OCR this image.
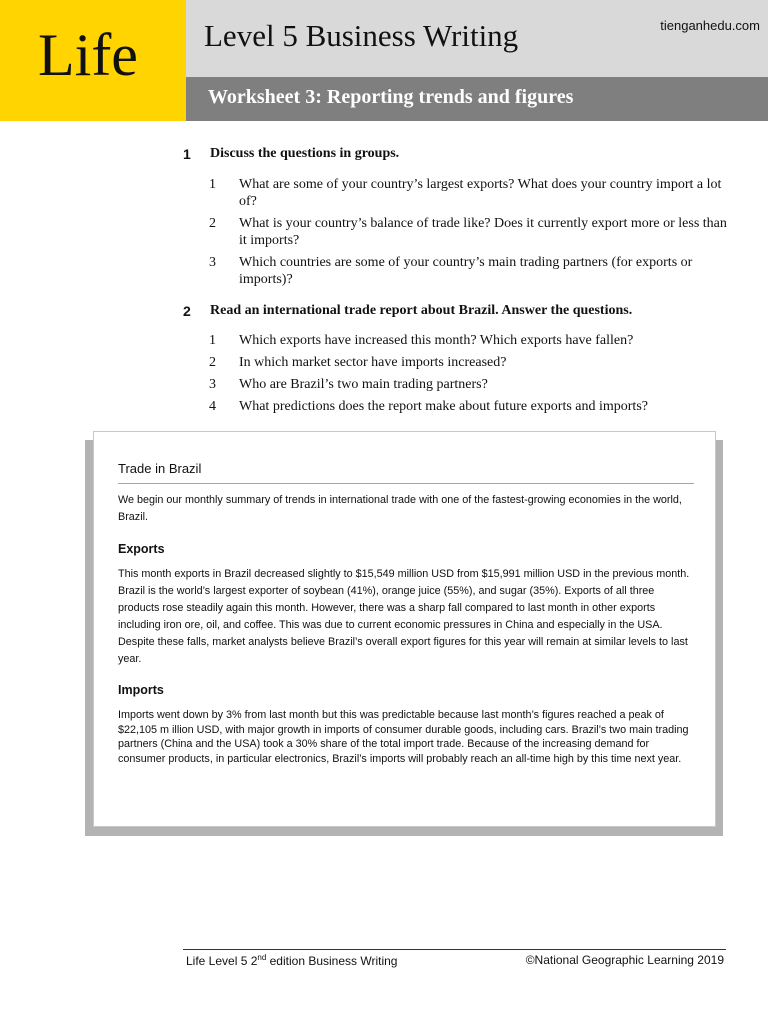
Life Level 5 Business Writing	tienganhedu.com
Worksheet 3: Reporting trends and figures
1 Discuss the questions in groups.
1 What are some of your country’s largest exports? What does your country import a lot of?
2 What is your country’s balance of trade like? Does it currently export more or less than it imports?
3 Which countries are some of your country’s main trading partners (for exports or imports)?
2 Read an international trade report about Brazil. Answer the questions.
1 Which exports have increased this month? Which exports have fallen?
2 In which market sector have imports increased?
3 Who are Brazil’s two main trading partners?
4 What predictions does the report make about future exports and imports?
Trade in Brazil

We begin our monthly summary of trends in international trade with one of the fastest-growing economies in the world, Brazil.

Exports

This month exports in Brazil decreased slightly to $15,549 million USD from $15,991 million USD in the previous month. Brazil is the world’s largest exporter of soybean (41%), orange juice (55%), and sugar (35%). Exports of all three products rose steadily again this month. However, there was a sharp fall compared to last month in other exports including iron ore, oil, and coffee. This was due to current economic pressures in China and especially in the USA. Despite these falls, market analysts believe Brazil’s overall export figures for this year will remain at similar levels to last year.

Imports

Imports went down by 3% from last month but this was predictable because last month’s figures reached a peak of $22,105 m illion USD, with major growth in imports of consumer durable goods, including cars. Brazil’s two main trading partners (China and the USA) took a 30% share of the total import trade. Because of the increasing demand for consumer products, in particular electronics, Brazil’s imports will probably reach an all-time high by this time next year.

Life Level 5 2nd edition Business Writing	©National Geographic Learning 2019
